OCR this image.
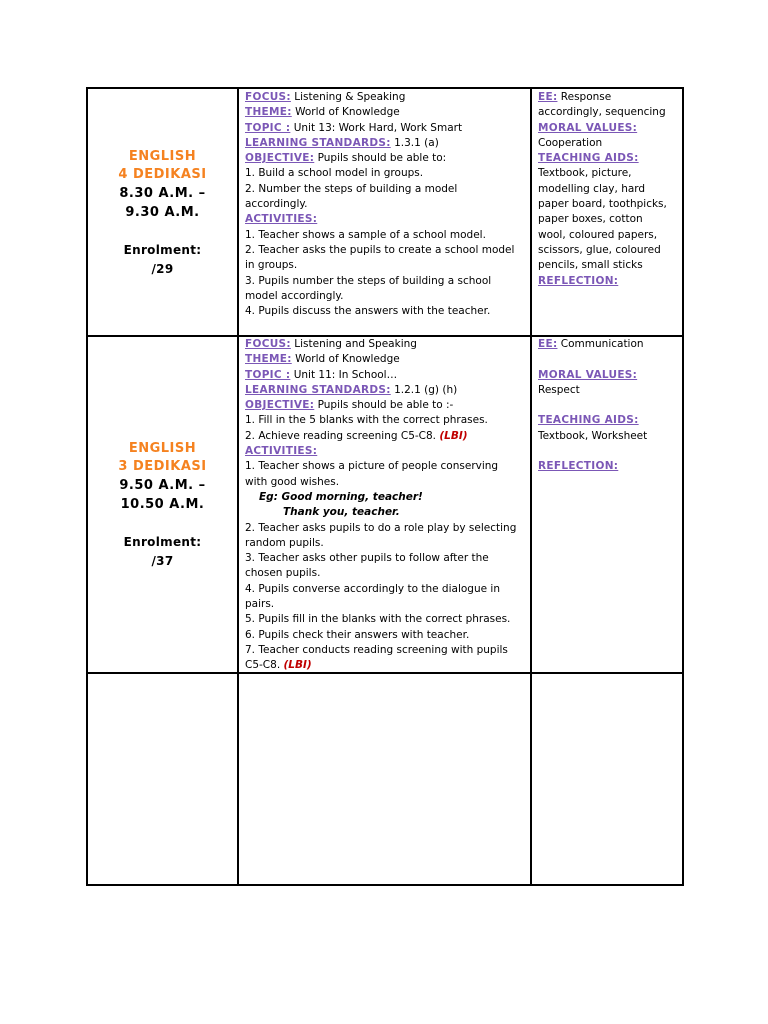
ENGLISH
4 DEDIKASI
8.30 A.M. –
9.30 A.M.
Enrolment:
/29
FOCUS: Listening & Speaking
THEME: World of Knowledge
TOPIC : Unit 13: Work Hard, Work Smart
LEARNING STANDARDS: 1.3.1 (a)
OBJECTIVE: Pupils should be able to:
1. Build a school model in groups.
2. Number the steps of building a model
accordingly.
ACTIVITIES:
1. Teacher shows a sample of a school model.
2. Teacher asks the pupils to create a school model
in groups.
3. Pupils number the steps of building a school
model accordingly.
4. Pupils discuss the answers with the teacher.
EE: Response
accordingly, sequencing
MORAL VALUES:
Cooperation
TEACHING AIDS:
Textbook, picture,
modelling clay, hard
paper board, toothpicks,
paper boxes, cotton
wool, coloured papers,
scissors, glue, coloured
pencils, small sticks
REFLECTION:
ENGLISH
3 DEDIKASI
9.50 A.M. –
10.50 A.M.
Enrolment:
/37
FOCUS: Listening and Speaking
THEME: World of Knowledge
TOPIC : Unit 11: In School…
LEARNING STANDARDS: 1.2.1 (g) (h)
OBJECTIVE: Pupils should be able to :-
1. Fill in the 5 blanks with the correct phrases.
2. Achieve reading screening C5-C8. (LBI)
ACTIVITIES:
1. Teacher shows a picture of people conserving
with good wishes.
Eg: Good morning, teacher!
Thank you, teacher.
2. Teacher asks pupils to do a role play by selecting
random pupils.
3. Teacher asks other pupils to follow after the
chosen pupils.
4. Pupils converse accordingly to the dialogue in
pairs.
5. Pupils fill in the blanks with the correct phrases.
6. Pupils check their answers with teacher.
7. Teacher conducts reading screening with pupils
C5-C8. (LBI)
EE: Communication
MORAL VALUES:
Respect
TEACHING AIDS:
Textbook, Worksheet
REFLECTION:
